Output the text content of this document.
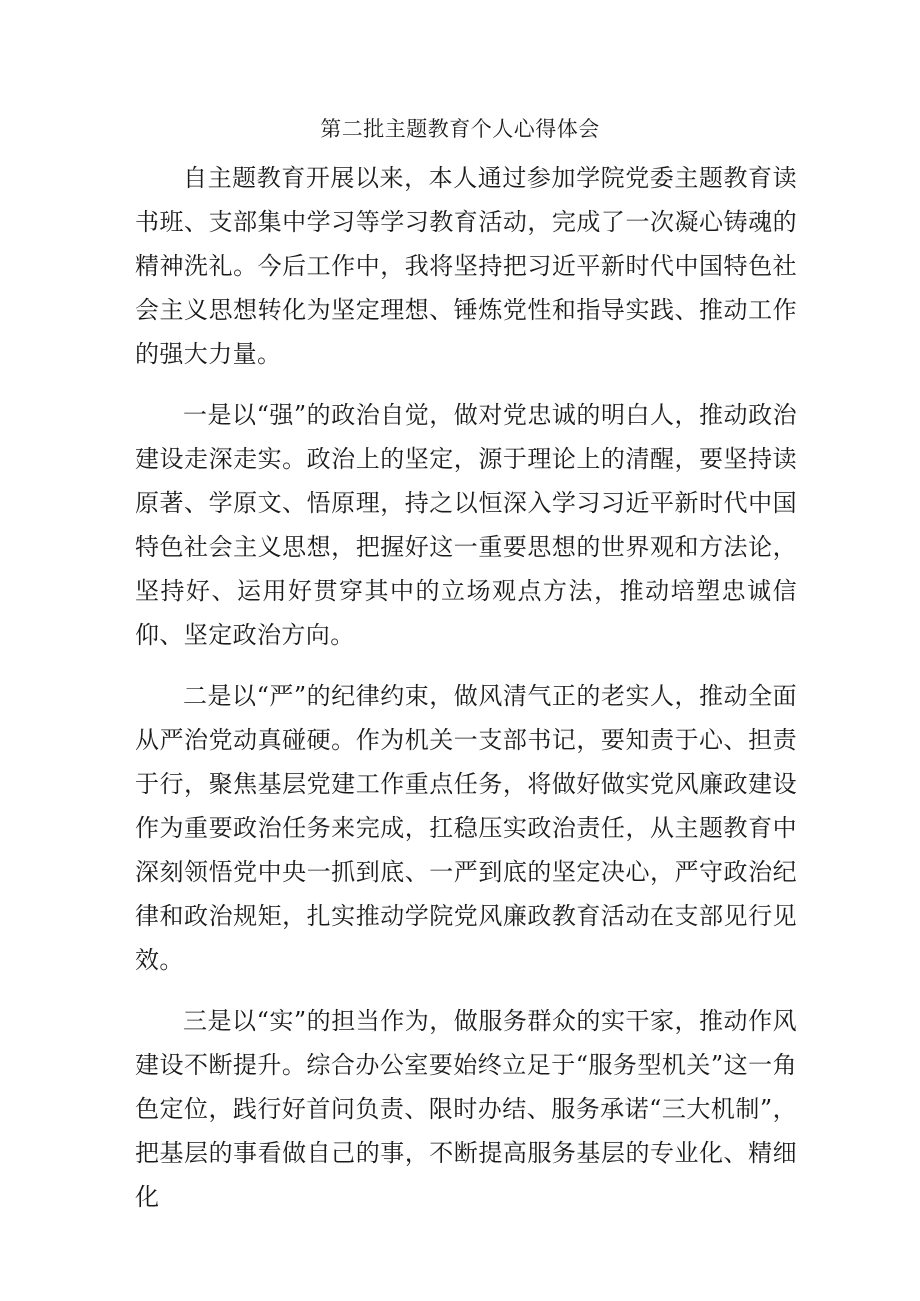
第二批主题教育个人心得体会

自主题教育开展以来，本人通过参加学院党委主题教育读书班、支部集中学习等学习教育活动，完成了一次凝心铸魂的精神洗礼。今后工作中，我将坚持把习近平新时代中国特色社会主义思想转化为坚定理想、锤炼党性和指导实践、推动工作的强大力量。

一是以“强”的政治自觉，做对党忠诚的明白人，推动政治建设走深走实。政治上的坚定，源于理论上的清醒，要坚持读原著、学原文、悟原理，持之以恒深入学习习近平新时代中国特色社会主义思想，把握好这一重要思想的世界观和方法论，坚持好、运用好贯穿其中的立场观点方法，推动培塑忠诚信仰、坚定政治方向。

二是以“严”的纪律约束，做风清气正的老实人，推动全面从严治党动真碰硬。作为机关一支部书记，要知责于心、担责于行，聚焦基层党建工作重点任务，将做好做实党风廉政建设作为重要政治任务来完成，扛稳压实政治责任，从主题教育中深刻领悟党中央一抓到底、一严到底的坚定决心，严守政治纪律和政治规矩，扎实推动学院党风廉政教育活动在支部见行见效。

三是以“实”的担当作为，做服务群众的实干家，推动作风建设不断提升。综合办公室要始终立足于“服务型机关”这一角色定位，践行好首问负责、限时办结、服务承诺“三大机制”，把基层的事看做自己的事，不断提高服务基层的专业化、精细化
